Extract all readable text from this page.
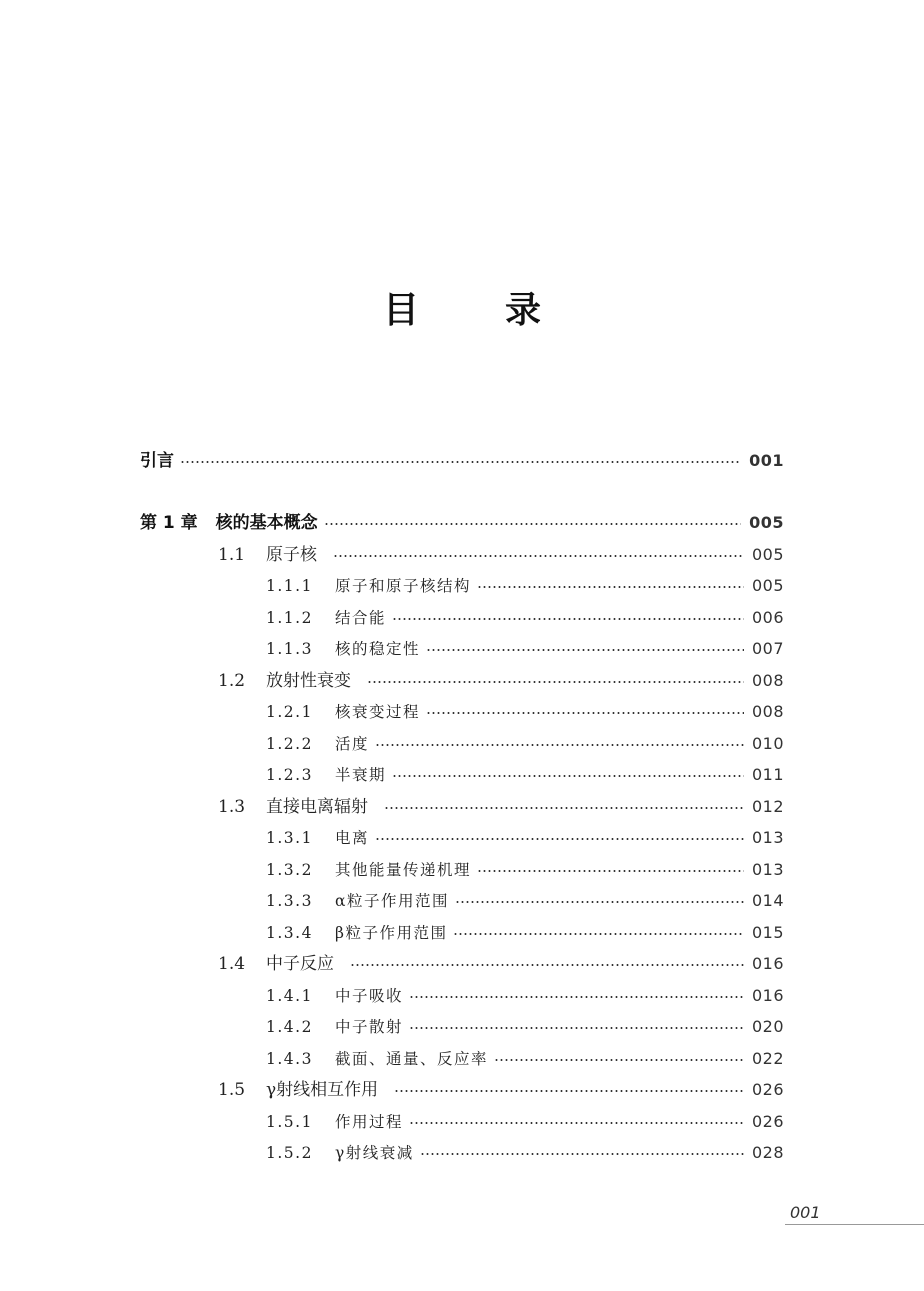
目 录
引言	001
第 1 章 核的基本概念	005
1.1	原子核	005
1.1.1	原子和原子核结构	005
1.1.2	结合能	006
1.1.3	核的稳定性	007
1.2	放射性衰变	008
1.2.1	核衰变过程	008
1.2.2	活度	010
1.2.3	半衰期	011
1.3	直接电离辐射	012
1.3.1	电离	013
1.3.2	其他能量传递机理	013
1.3.3	α粒子作用范围	014
1.3.4	β粒子作用范围	015
1.4	中子反应	016
1.4.1	中子吸收	016
1.4.2	中子散射	020
1.4.3	截面、通量、反应率	022
1.5	γ射线相互作用	026
1.5.1	作用过程	026
1.5.2	γ射线衰减	028
001
